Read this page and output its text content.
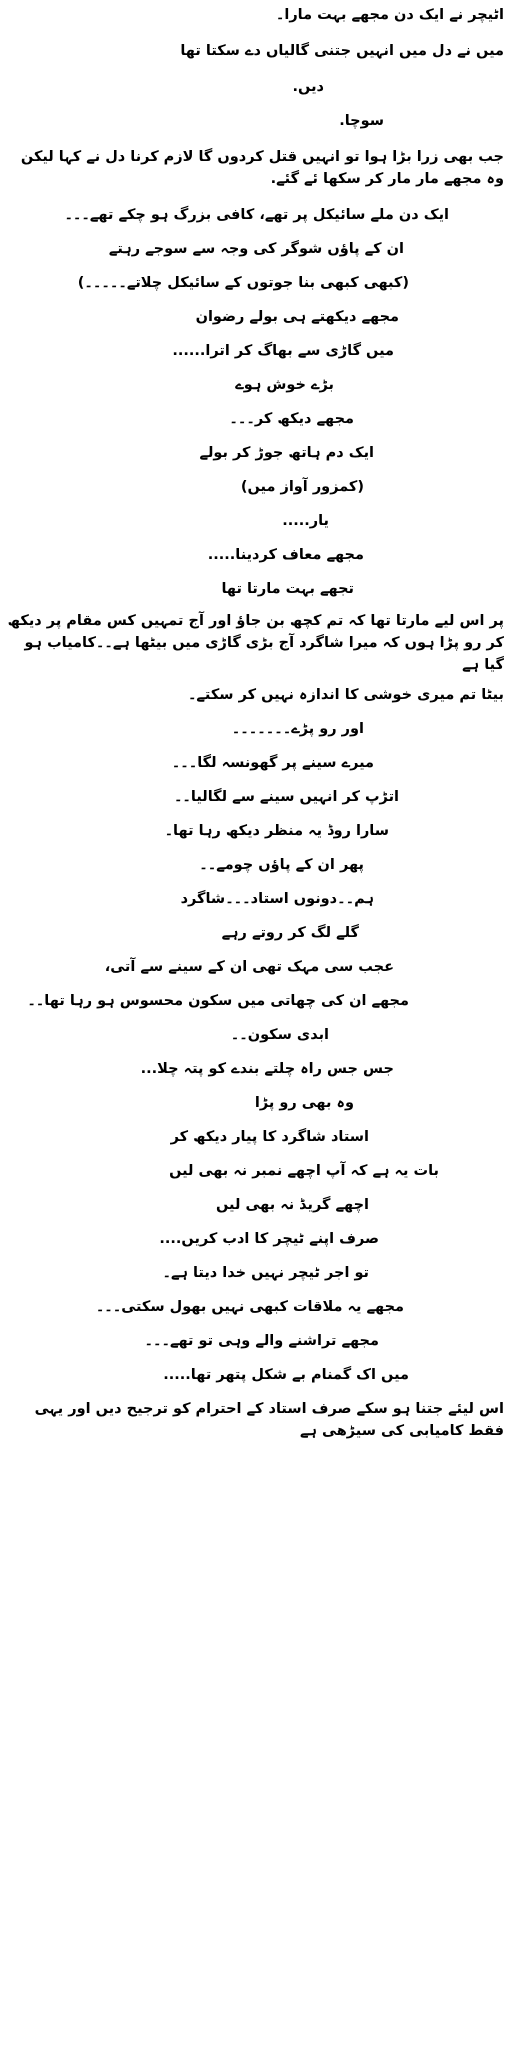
اٹیچر نے ایک دن مجھے بہت مارا۔

میں نے دل میں انہیں جتنی گالیاں دے سکتا تھا

دیں.

سوچا.

جب بھی زرا بڑا ہوا تو انہیں قتل کردوں گا لازم کرنا دل نے کہا لیکن وہ مجھے مار مار کر سکھا ئے گئے.

ایک دن ملے سائیکل پر تھے، کافی بزرگ ہو چکے تھے۔۔۔

ان کے پاؤں شوگر کی وجہ سے سوجے رہتے

(کبھی کبھی بنا جوتوں کے سائیکل چلاتے۔۔۔۔۔)

مجھے دیکھتے ہی بولے رضوان

میں گاڑی سے بھاگ کر اترا......

بڑے خوش ہوے

مجھے دیکھ کر۔۔۔

ایک دم ہاتھ جوڑ کر بولے

(کمزور آواز میں)

یار.....

مجھے معاف کردینا.....

تجھے بہت مارتا تھا

پر اس لیے مارتا تھا کہ تم کچھ بن جاؤ اور آج تمہیں کس مقام پر دیکھ کر رو پڑا ہوں کہ میرا شاگرد آج بڑی گاڑی میں بیٹھا ہے۔۔کامیاب ہو گیا ہے

بیٹا تم میری خوشی کا اندازہ نہیں کر سکتے۔

اور رو پڑے۔۔۔۔۔۔۔

میرے سینے پر گھونسہ لگا۔۔۔

اتڑپ کر انہیں سینے سے لگالیا۔۔

سارا روڈ یہ منظر دیکھ رہا تھا۔

پھر ان کے پاؤں چومے۔۔

ہم۔۔دونوں استاد۔۔۔شاگرد

گلے لگ کر روتے رہے

عجب سی مہک تھی ان کے سینے سے آتی،

مجھے ان کی چھاتی میں سکون محسوس ہو رہا تھا۔۔

ابدی سکون۔۔

جس جس راہ چلتے بندے کو پتہ چلا...

وہ بھی رو پڑا

استاد شاگرد کا پیار دیکھ کر

بات یہ ہے کہ آپ اچھے نمبر نہ بھی لیں

اچھے گریڈ نہ بھی لیں

صرف اپنے ٹیچر کا ادب کریں....

تو اجر ٹیچر نہیں خدا دیتا ہے۔

مجھے یہ ملاقات کبھی نہیں بھول سکتی۔۔۔

مجھے تراشنے والے وہی تو تھے۔۔۔

میں اک گمنام بے شکل پتھر تھا.....

اس لیئے جتنا ہو سکے صرف استاد کے احترام کو ترجیح دیں اور یہی فقط کامیابی کی سیڑھی ہے
